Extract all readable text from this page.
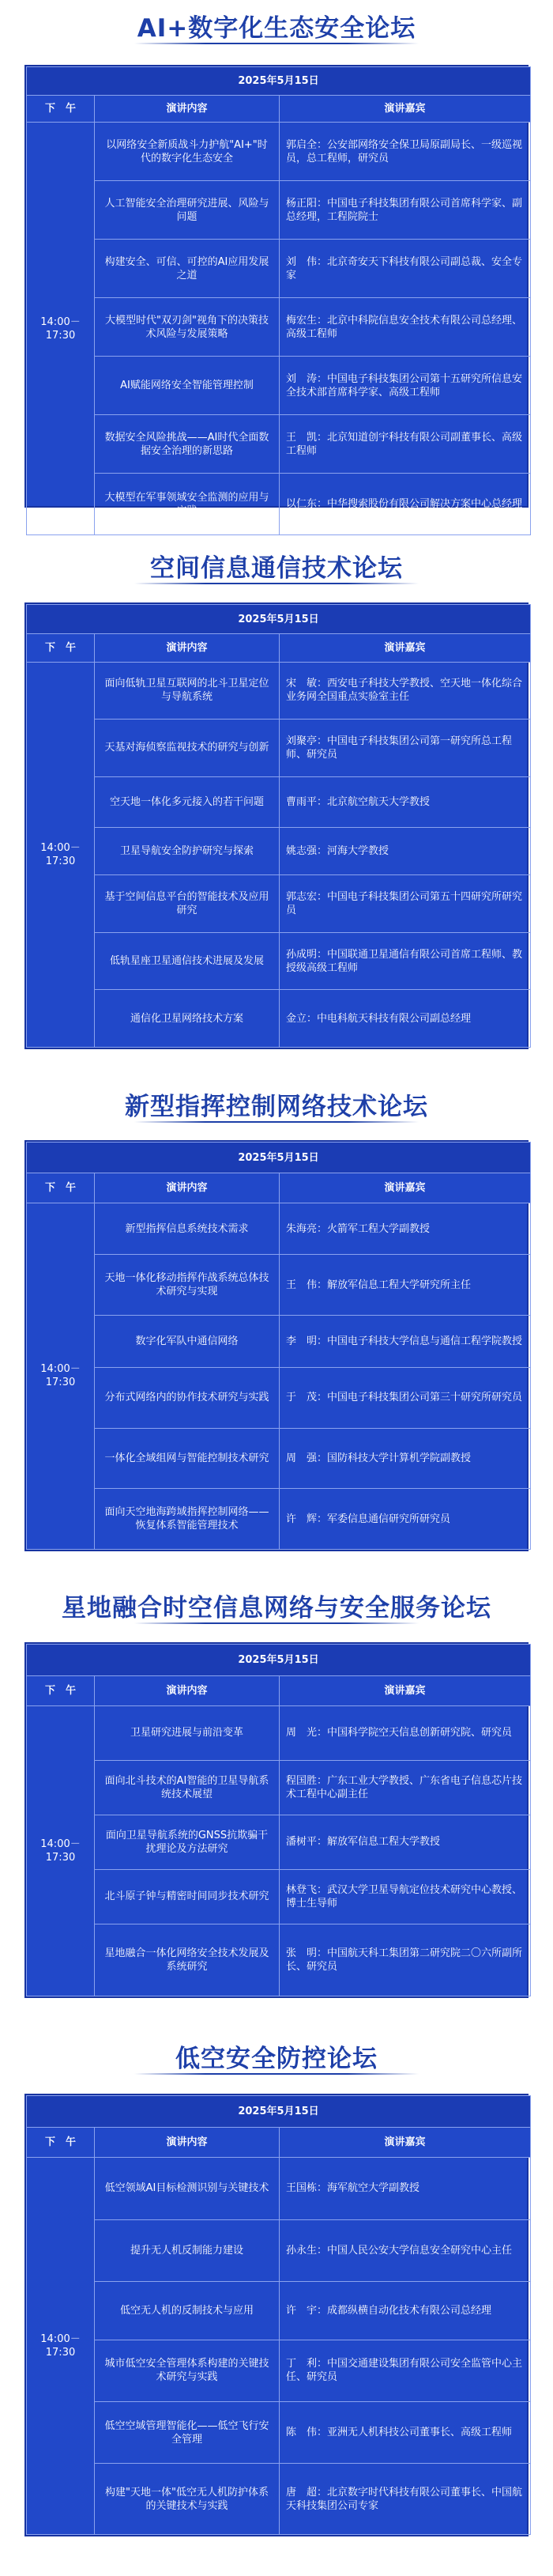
AI+数字化生态安全论坛
2025年5月15日		
下　午	演讲内容	演讲嘉宾
14:00－17:30	以网络安全新质战斗力护航"AI+"时代的数字化生态安全	郭启全：公安部网络安全保卫局原副局长、一级巡视员，总工程师，研究员
	人工智能安全治理研究进展、风险与问题	杨正阳：中国电子科技集团有限公司首席科学家、副总经理，工程院院士
	构建安全、可信、可控的AI应用发展之道	刘　伟：北京奇安天下科技有限公司副总裁、安全专家
	大模型时代"双刃剑"视角下的决策技术风险与发展策略	梅宏生：北京中科院信息安全技术有限公司总经理、高级工程师
	AI赋能网络安全智能管理控制	刘　涛：中国电子科技集团公司第十五研究所信息安全技术部首席科学家、高级工程师
	数据安全风险挑战——AI时代全面数据安全治理的新思路	王　凯：北京知道创宇科技有限公司副董事长、高级工程师
	大模型在军事领域安全监测的应用与实践	以仁东：中华搜索股份有限公司解决方案中心总经理
空间信息通信技术论坛
2025年5月15日		
下　午	演讲内容	演讲嘉宾
14:00－17:30	面向低轨卫星互联网的北斗卫星定位与导航系统	宋　敏：西安电子科技大学教授、空天地一体化综合业务网全国重点实验室主任
	天基对海侦察监视技术的研究与创新	刘聚亭：中国电子科技集团公司第一研究所总工程师、研究员
	空天地一体化多元接入的若干问题	曹雨平：北京航空航天大学教授
	卫星导航安全防护研究与探索	姚志强：河海大学教授
	基于空间信息平台的智能技术及应用研究	郭志宏：中国电子科技集团公司第五十四研究所研究员
	低轨星座卫星通信技术进展及发展	孙成明：中国联通卫星通信有限公司首席工程师、教授级高级工程师
	通信化卫星网络技术方案	金立：中电科航天科技有限公司副总经理
新型指挥控制网络技术论坛
2025年5月15日		
下　午	演讲内容	演讲嘉宾
14:00－17:30	新型指挥信息系统技术需求	朱海亮：火箭军工程大学副教授
	天地一体化移动指挥作战系统总体技术研究与实现	王　伟：解放军信息工程大学研究所主任
	数字化军队中通信网络	李　明：中国电子科技大学信息与通信工程学院教授
	分布式网络内的协作技术研究与实践	于　茂：中国电子科技集团公司第三十研究所研究员
	一体化全域组网与智能控制技术研究	周　强：国防科技大学计算机学院副教授
	面向天空地海跨域指挥控制网络——恢复体系智能管理技术	许　辉：军委信息通信研究所研究员
星地融合时空信息网络与安全服务论坛
2025年5月15日		
下　午	演讲内容	演讲嘉宾
14:00－17:30	卫星研究进展与前沿变革	周　光：中国科学院空天信息创新研究院、研究员
	面向北斗技术的AI智能的卫星导航系统技术展望	程国胜：广东工业大学教授、广东省电子信息芯片技术工程中心副主任
	面向卫星导航系统的GNSS抗欺骗干扰理论及方法研究	潘树平：解放军信息工程大学教授
	北斗原子钟与精密时间同步技术研究	林登飞：武汉大学卫星导航定位技术研究中心教授、博士生导师
	星地融合一体化网络安全技术发展及系统研究	张　明：中国航天科工集团第二研究院二〇六所副所长、研究员
低空安全防控论坛
2025年5月15日		
下　午	演讲内容	演讲嘉宾
14:00－17:30	低空领域AI目标检测识别与关键技术	王国栋：海军航空大学副教授
	提升无人机反制能力建设	孙永生：中国人民公安大学信息安全研究中心主任
	低空无人机的反制技术与应用	许　宇：成都纵横自动化技术有限公司总经理
	城市低空安全管理体系构建的关键技术研究与实践	丁　利：中国交通建设集团有限公司安全监管中心主任、研究员
	低空空域管理智能化——低空飞行安全管理	陈　伟：亚洲无人机科技公司董事长、高级工程师
	构建"天地一体"低空无人机防护体系的关键技术与实践	唐　超：北京数字时代科技有限公司董事长、中国航天科技集团公司专家
